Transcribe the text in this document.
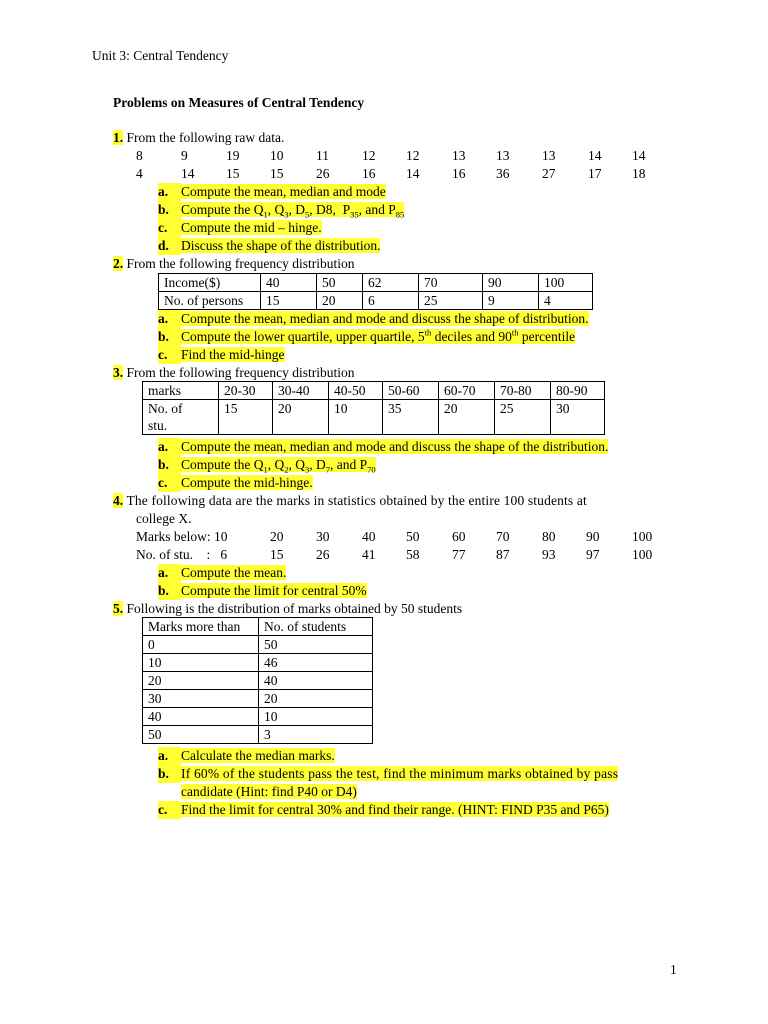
Unit 3: Central Tendency
Problems on Measures of Central Tendency
1. From the following raw data.
8	9	19 10 11 12 12 13 13 13 14 14
4	14 15 15 26 16 14 16 36 27 17 18
a. Compute the mean, median and mode
b. Compute the $Q_1$, $Q_3$, $D_5$, D8,  $P_{35}$, and $P_{85}$
c. Compute the mid – hinge.
d. Discuss the shape of the distribution.
2. From the following frequency distribution
Income($)	40	50	62	70	90	100
No. of persons	15	20	6	25	9	4
a. Compute the mean, median and mode and discuss the shape of distribution.
b. Compute the lower quartile, upper quartile, 5th deciles and 90th percentile
c. Find the mid-hinge
3. From the following frequency distribution
marks	20-30	30-40	40-50	50-60	60-70	70-80	80-90
No. of
stu.	15	20	10	35	20	25	30
a. Compute the mean, median and mode and discuss the shape of the distribution.
b. Compute the $Q_1$, $Q_2$, $Q_3$, $D_7$, and $P_{70}$
c. Compute the mid-hinge.
4. The following data are the marks in statistics obtained by the entire 100 students at
college X.
Marks below: 10	20 30 40 50 60 70 80 90 100
No. of stu.    :   6	15 26 41 58 77 87 93 97 100
a. Compute the mean.
b. Compute the limit for central 50%
5. Following is the distribution of marks obtained by 50 students
Marks more than	No. of students
0	50
10	46
20	40
30	20
40	10
50	3
a. Calculate the median marks.
b. If 60% of the students pass the test, find the minimum marks obtained by pass
candidate (Hint: find P40 or D4)
c. Find the limit for central 30% and find their range. (HINT: FIND P35 and P65)
1
